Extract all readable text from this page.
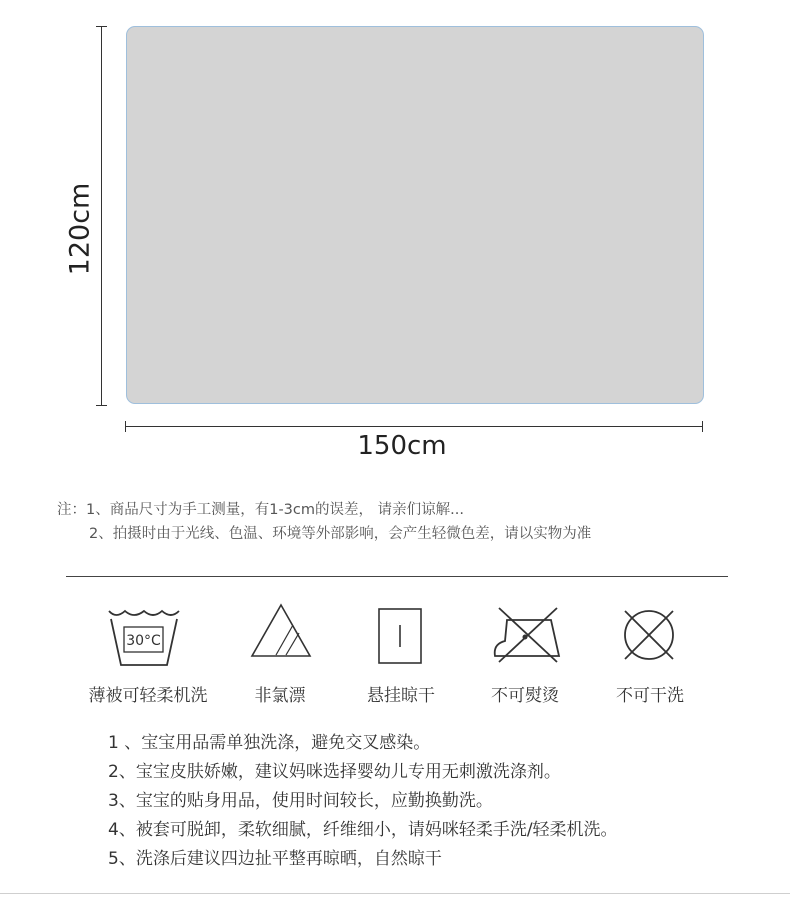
120cm
150cm
注：1、商品尺寸为手工测量，有1-3cm的误差， 请亲们谅解...
2、拍摄时由于光线、色温、环境等外部影响，会产生轻微色差，请以实物为准
30°C
薄被可轻柔机洗	非氯漂	悬挂晾干	不可熨烫	不可干洗
1 、宝宝用品需单独洗涤，避免交叉感染。
2、宝宝皮肤娇嫩，建议妈咪选择婴幼儿专用无刺激洗涤剂。
3、宝宝的贴身用品，使用时间较长，应勤换勤洗。
4、被套可脱卸，柔软细腻，纤维细小，请妈咪轻柔手洗/轻柔机洗。
5、洗涤后建议四边扯平整再晾晒，自然晾干
